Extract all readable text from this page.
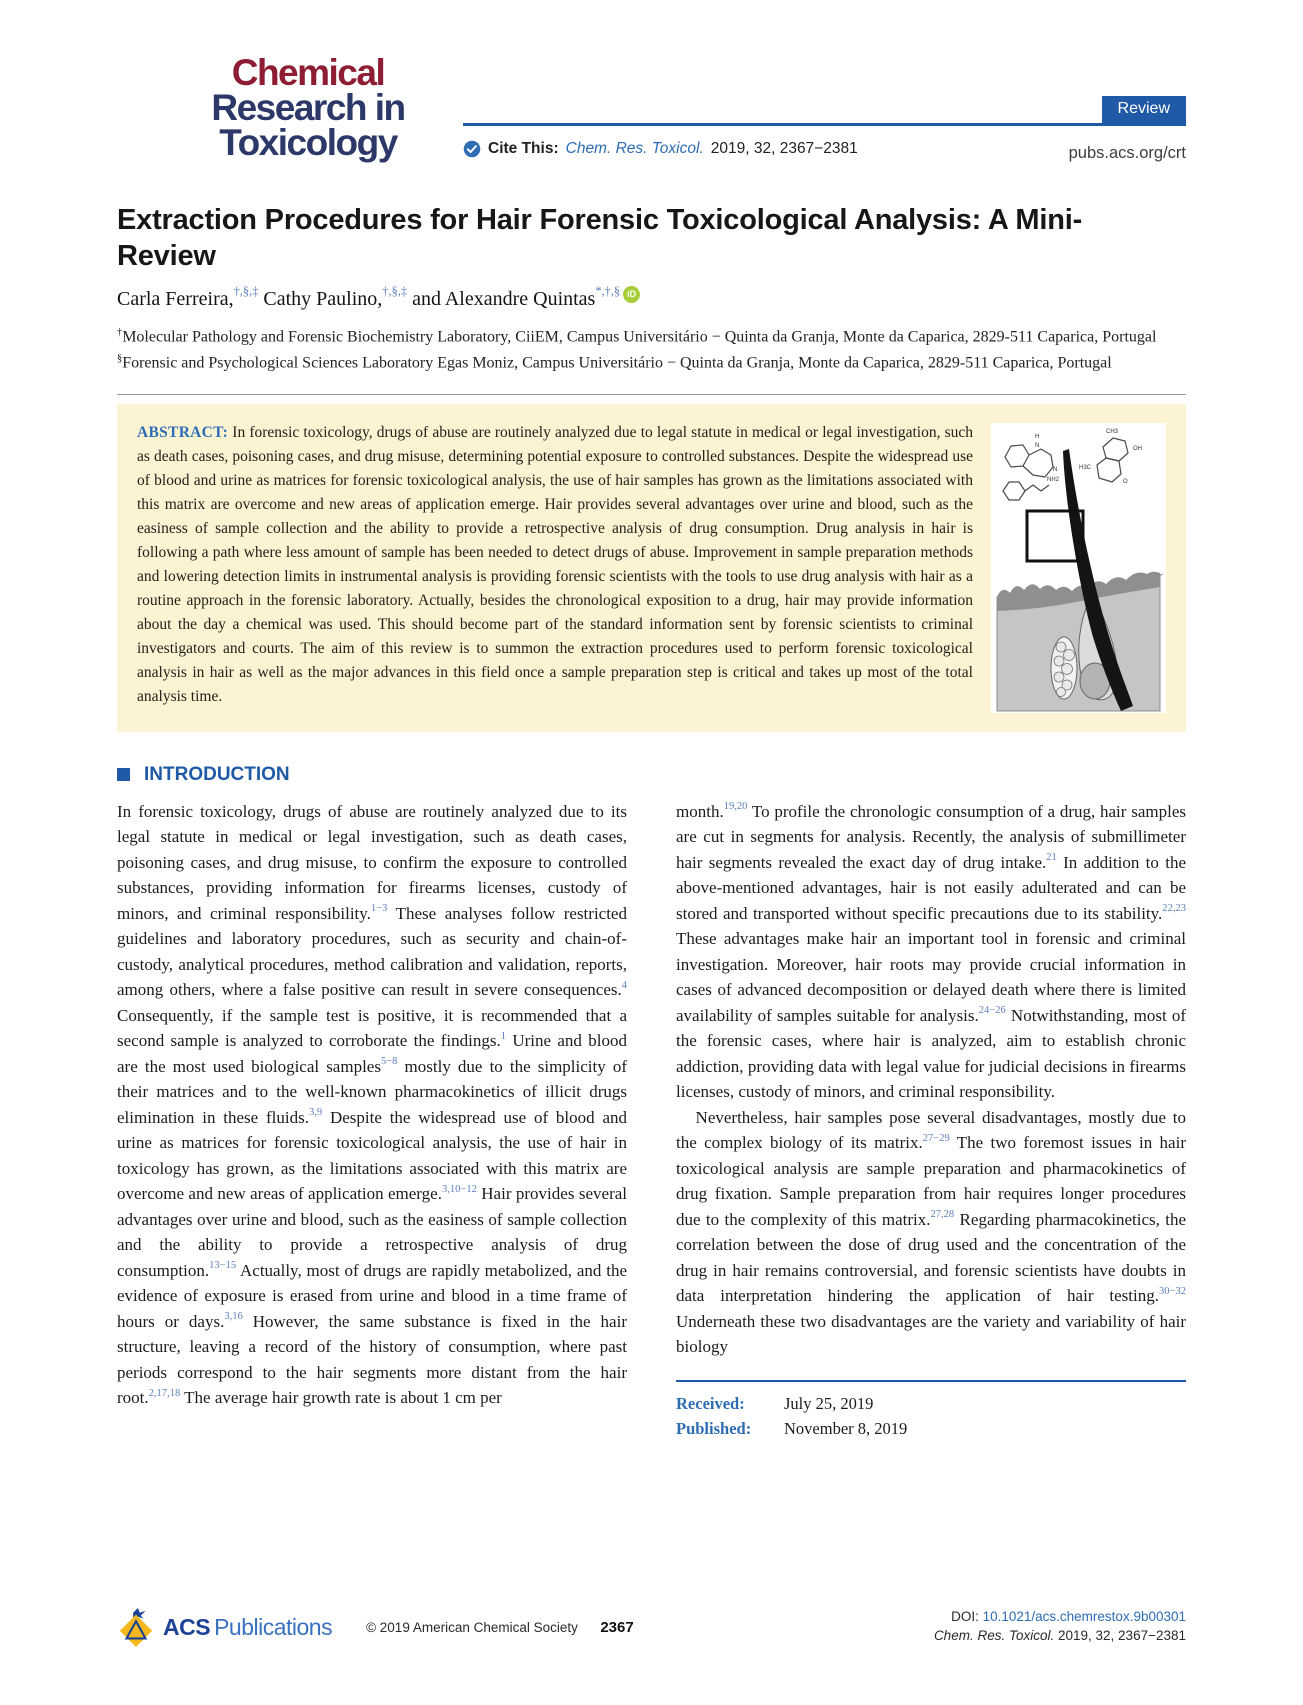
Chemical
Research in
Toxicology
Review
Cite This: Chem. Res. Toxicol. 2019, 32, 2367−2381	pubs.acs.org/crt
Extraction Procedures for Hair Forensic Toxicological Analysis: A Mini-Review
Carla Ferreira,†,§,‡ Cathy Paulino,†,§,‡ and Alexandre Quintas*,†,§ iD
†Molecular Pathology and Forensic Biochemistry Laboratory, CiiEM, Campus Universitário − Quinta da Granja, Monte da Caparica, 2829-511 Caparica, Portugal
§Forensic and Psychological Sciences Laboratory Egas Moniz, Campus Universitário − Quinta da Granja, Monte da Caparica, 2829-511 Caparica, Portugal
H
N
N
CH3
OH
H3C
O
NH2

ABSTRACT: In forensic toxicology, drugs of abuse are routinely analyzed due to legal statute in medical or legal investigation, such as death cases, poisoning cases, and drug misuse, determining potential exposure to controlled substances. Despite the widespread use of blood and urine as matrices for forensic toxicological analysis, the use of hair samples has grown as the limitations associated with this matrix are overcome and new areas of application emerge. Hair provides several advantages over urine and blood, such as the easiness of sample collection and the ability to provide a retrospective analysis of drug consumption. Drug analysis in hair is following a path where less amount of sample has been needed to detect drugs of abuse. Improvement in sample preparation methods and lowering detection limits in instrumental analysis is providing forensic scientists with the tools to use drug analysis with hair as a routine approach in the forensic laboratory. Actually, besides the chronological exposition to a drug, hair may provide information about the day a chemical was used. This should become part of the standard information sent by forensic scientists to criminal investigators and courts. The aim of this review is to summon the extraction procedures used to perform forensic toxicological analysis in hair as well as the major advances in this field once a sample preparation step is critical and takes up most of the total analysis time.

INTRODUCTION

In forensic toxicology, drugs of abuse are routinely analyzed due to its legal statute in medical or legal investigation, such as death cases, poisoning cases, and drug misuse, to confirm the exposure to controlled substances, providing information for firearms licenses, custody of minors, and criminal responsibility.$^{1-3}$ These analyses follow restricted guidelines and laboratory procedures, such as security and chain-of-custody, analytical procedures, method calibration and validation, reports, among others, where a false positive can result in severe consequences.$^4$ Consequently, if the sample test is positive, it is recommended that a second sample is analyzed to corroborate the findings.$^1$ Urine and blood are the most used biological samples$^{5-8}$ mostly due to the simplicity of their matrices and to the well-known pharmacokinetics of illicit drugs elimination in these fluids.$^{3,9}$ Despite the widespread use of blood and urine as matrices for forensic toxicological analysis, the use of hair in toxicology has grown, as the limitations associated with this matrix are overcome and new areas of application emerge.$^{3,10-12}$ Hair provides several advantages over urine and blood, such as the easiness of sample collection and the ability to provide a retrospective analysis of drug consumption.$^{13-15}$ Actually, most of drugs are rapidly metabolized, and the evidence of exposure is erased from urine and blood in a time frame of hours or days.$^{3,16}$ However, the same substance is fixed in the hair structure, leaving a record of the history of consumption, where past periods correspond to the hair segments more distant from the hair root.$^{2,17,18}$ The average hair growth rate is about 1 cm per

month.$^{19,20}$ To profile the chronologic consumption of a drug, hair samples are cut in segments for analysis. Recently, the analysis of submillimeter hair segments revealed the exact day of drug intake.$^{21}$ In addition to the above-mentioned advantages, hair is not easily adulterated and can be stored and transported without specific precautions due to its stability.$^{22,23}$ These advantages make hair an important tool in forensic and criminal investigation. Moreover, hair roots may provide crucial information in cases of advanced decomposition or delayed death where there is limited availability of samples suitable for analysis.$^{24-26}$ Notwithstanding, most of the forensic cases, where hair is analyzed, aim to establish chronic addiction, providing data with legal value for judicial decisions in firearms licenses, custody of minors, and criminal responsibility.

Nevertheless, hair samples pose several disadvantages, mostly due to the complex biology of its matrix.$^{27-29}$ The two foremost issues in hair toxicological analysis are sample preparation and pharmacokinetics of drug fixation. Sample preparation from hair requires longer procedures due to the complexity of this matrix.$^{27,28}$ Regarding pharmacokinetics, the correlation between the dose of drug used and the concentration of the drug in hair remains controversial, and forensic scientists have doubts in data interpretation hindering the application of hair testing.$^{30-32}$ Underneath these two disadvantages are the variety and variability of hair biology

Received:	July 25, 2019
Published:	November 8, 2019
ACS Publications	© 2019 American Chemical Society	2367
DOI: 10.1021/acs.chemrestox.9b00301
Chem. Res. Toxicol. 2019, 32, 2367−2381
